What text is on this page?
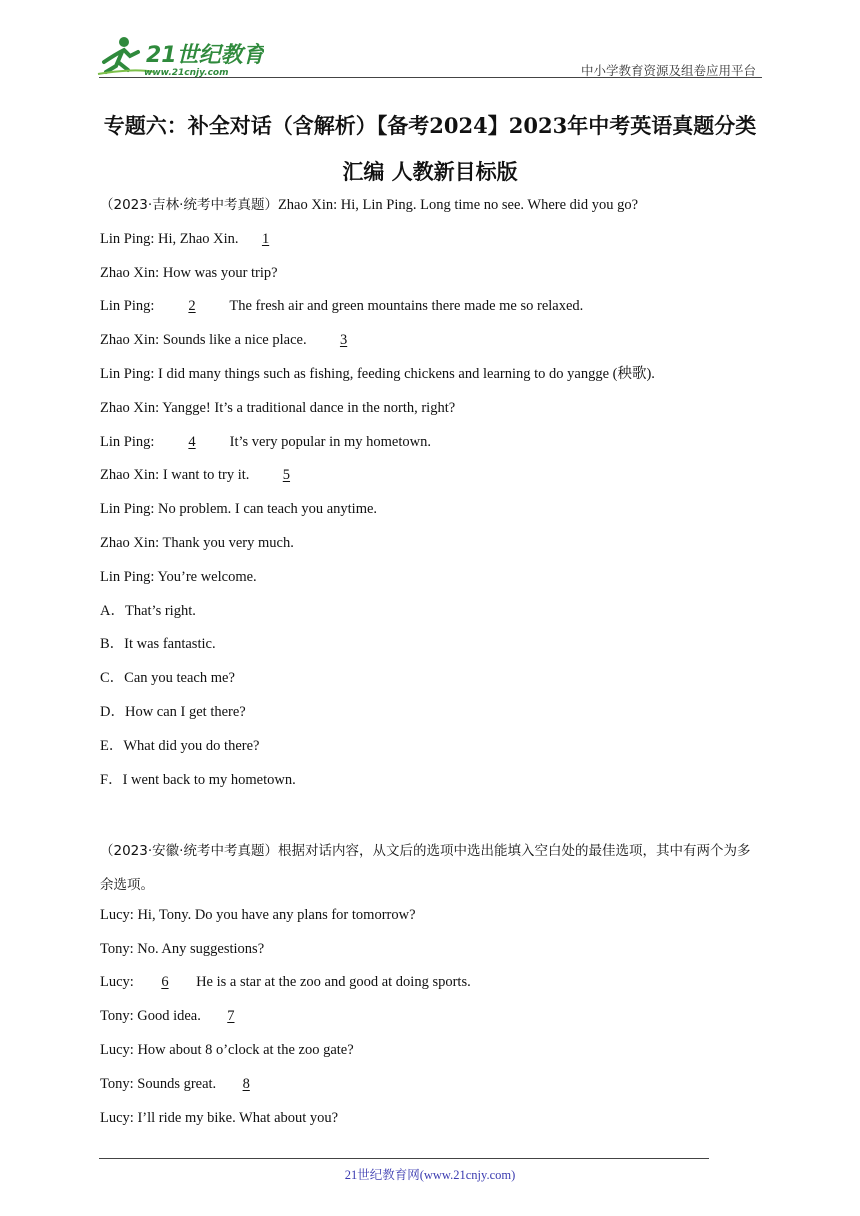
21世纪教育
www.21cnjy.com	中小学教育资源及组卷应用平台
专题六：补全对话（含解析）【备考2024】2023年中考英语真题分类汇编 人教新目标版
（2023·吉林·统考中考真题）Zhao Xin: Hi, Lin Ping. Long time no see. Where did you go?
Lin Ping: Hi, Zhao Xin. 1
Zhao Xin: How was your trip?
Lin Ping: 2 The fresh air and green mountains there made me so relaxed.
Zhao Xin: Sounds like a nice place. 3
Lin Ping: I did many things such as fishing, feeding chickens and learning to do yangge (秧歌).
Zhao Xin: Yangge! It’s a traditional dance in the north, right?
Lin Ping: 4 It’s very popular in my hometown.
Zhao Xin: I want to try it. 5
Lin Ping: No problem. I can teach you anytime.
Zhao Xin: Thank you very much.
Lin Ping: You’re welcome.
A．That’s right.
B．It was fantastic.
C．Can you teach me?
D．How can I get there?
E．What did you do there?
F．I went back to my hometown.
（2023·安徽·统考中考真题）根据对话内容，从文后的选项中选出能填入空白处的最佳选项，其中有两个为多余选项。
Lucy: Hi, Tony. Do you have any plans for tomorrow?
Tony: No. Any suggestions?
Lucy: 6 He is a star at the zoo and good at doing sports.
Tony: Good idea. 7
Lucy: How about 8 o’clock at the zoo gate?
Tony: Sounds great. 8
Lucy: I’ll ride my bike. What about you?
21世纪教育网(www.21cnjy.com)
